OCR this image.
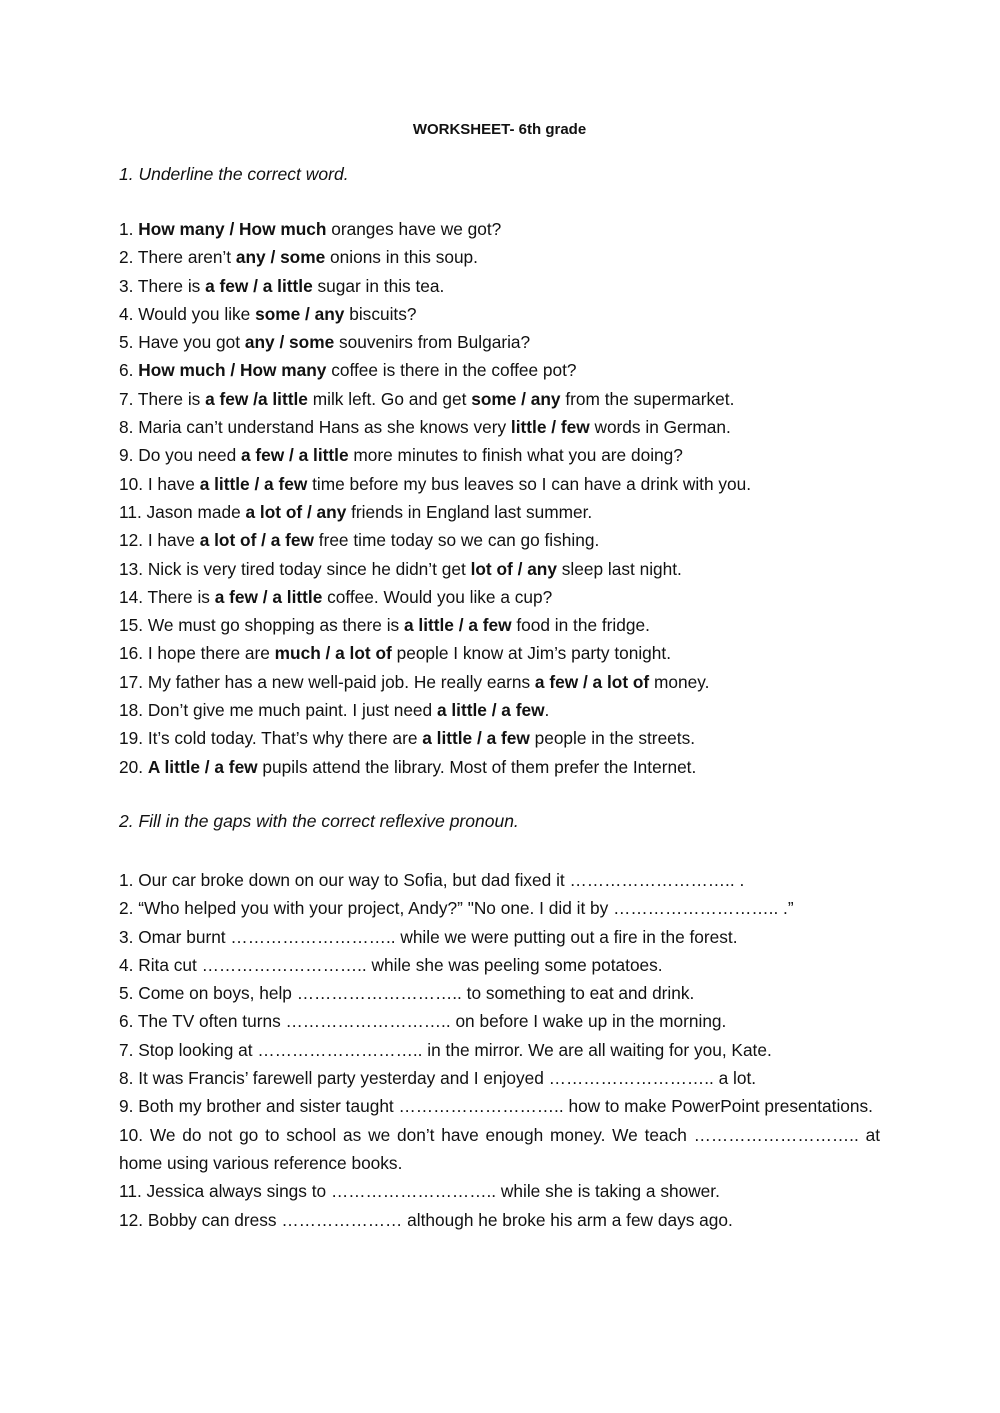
WORKSHEET- 6th grade
1. Underline the correct word.
1. How many / How much oranges have we got?
2. There aren’t any / some onions in this soup.
3. There is a few / a little sugar in this tea.
4. Would you like some / any biscuits?
5. Have you got any / some souvenirs from Bulgaria?
6. How much / How many coffee is there in the coffee pot?
7. There is a few /a little milk left. Go and get some / any from the supermarket.
8. Maria can’t understand Hans as she knows very little / few words in German.
9. Do you need a few / a little more minutes to finish what you are doing?
10. I have a little / a few time before my bus leaves so I can have a drink with you.
11. Jason made a lot of / any friends in England last summer.
12. I have a lot of / a few free time today so we can go fishing.
13. Nick is very tired today since he didn’t get lot of / any sleep last night.
14. There is a few / a little coffee. Would you like a cup?
15. We must go shopping as there is a little / a few food in the fridge.
16. I hope there are much / a lot of people I know at Jim’s party tonight.
17. My father has a new well-paid job. He really earns a few / a lot of money.
18. Don’t give me much paint. I just need a little / a few.
19. It’s cold today. That’s why there are a little / a few people in the streets.
20. A little / a few pupils attend the library. Most of them prefer the Internet.
2. Fill in the gaps with the correct reflexive pronoun.
1. Our car broke down on our way to Sofia, but dad fixed it ……………………….. .
2. “Who helped you with your project, Andy?” "No one. I did it by ……………………….. .”
3. Omar burnt ……………………….. while we were putting out a fire in the forest.
4. Rita cut ……………………….. while she was peeling some potatoes.
5. Come on boys, help ……………………….. to something to eat and drink.
6. The TV often turns ……………………….. on before I wake up in the morning.
7. Stop looking at ……………………….. in the mirror. We are all waiting for you, Kate.
8. It was Francis’ farewell party yesterday and I enjoyed ……………………….. a lot.
9. Both my brother and sister taught ……………………….. how to make PowerPoint presentations.
10. We do not go to school as we don’t have enough money. We teach ……………………….. at home using various reference books.
11. Jessica always sings to ……………………….. while she is taking a shower.
12. Bobby can dress ………………… although he broke his arm a few days ago.
